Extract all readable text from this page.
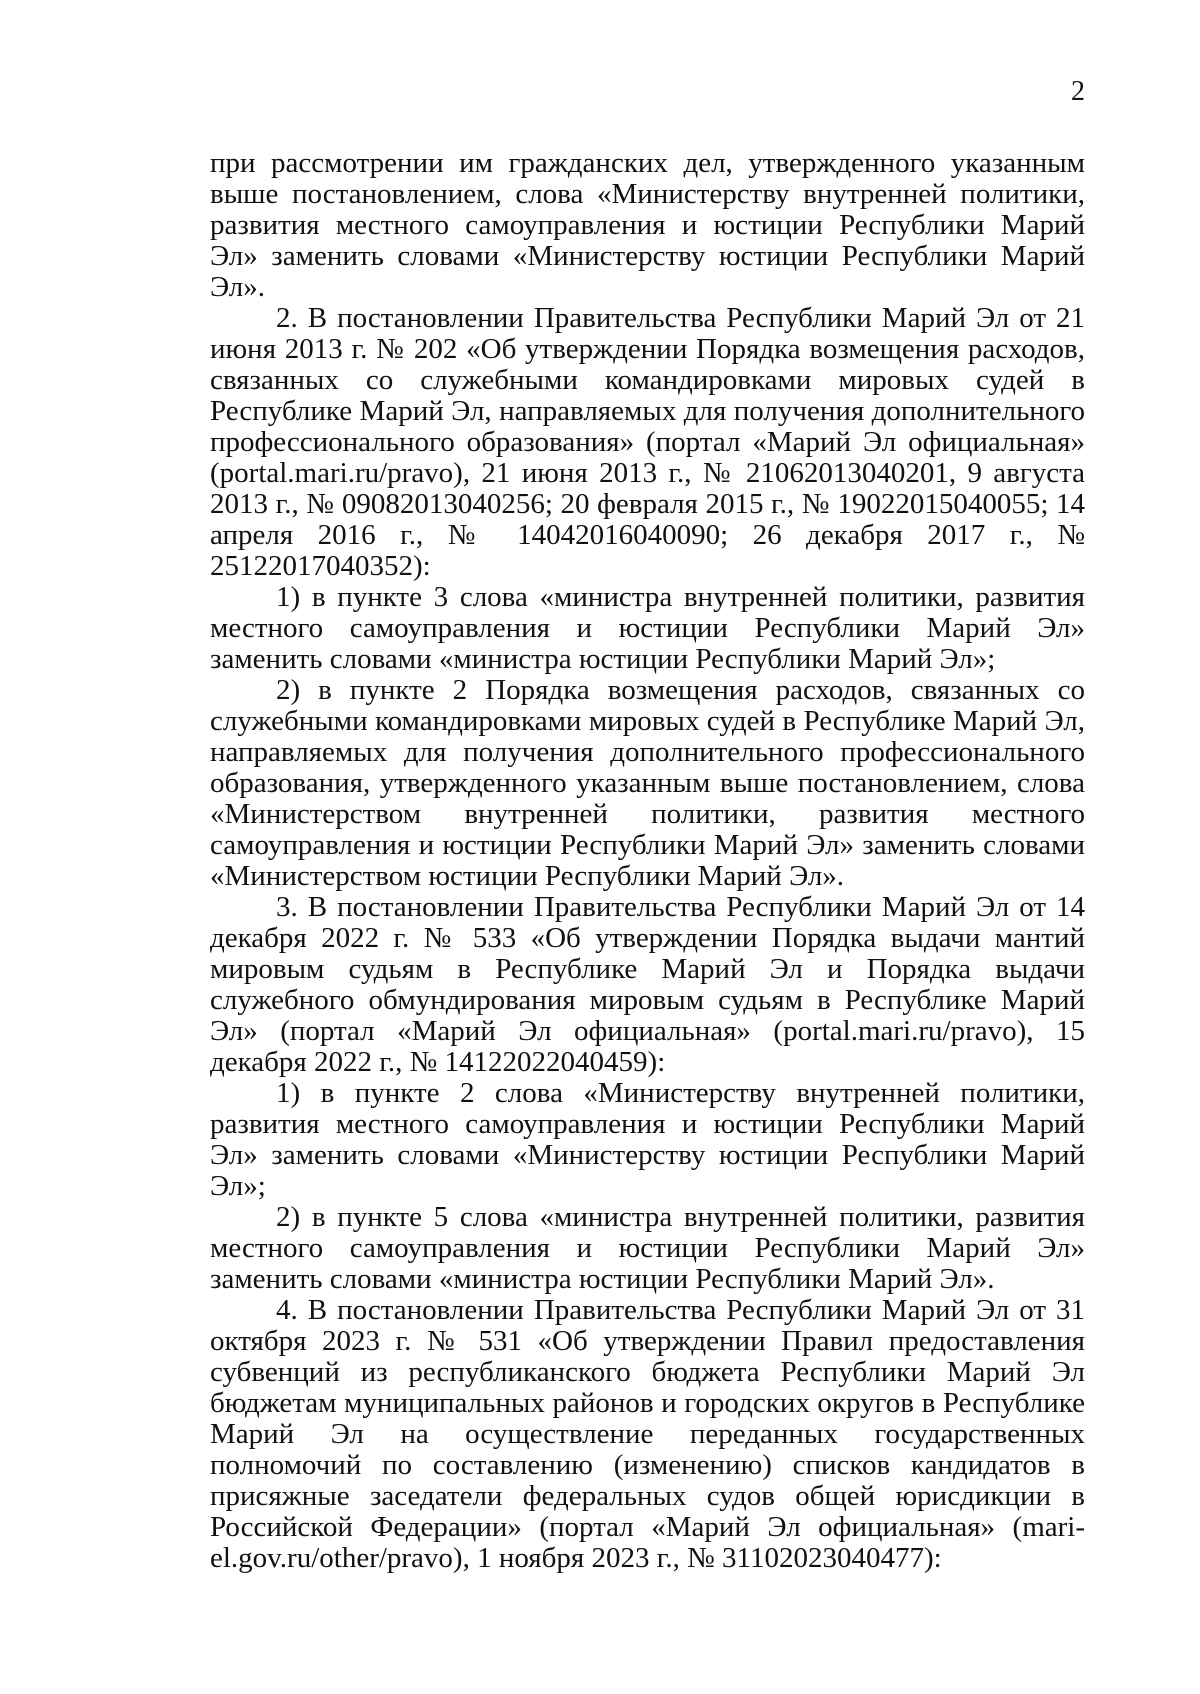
2

при рассмотрении им гражданских дел, утвержденного указанным выше постановлением, слова «Министерству внутренней политики, развития местного самоуправления и юстиции Республики Марий Эл» заменить словами «Министерству юстиции Республики Марий Эл».

2. В постановлении Правительства Республики Марий Эл от 21 июня 2013 г. № 202 «Об утверждении Порядка возмещения расходов, связанных со служебными командировками мировых судей в Республике Марий Эл, направляемых для получения дополнительного профессионального образования» (портал «Марий Эл официальная» (portal.mari.ru/pravo), 21 июня 2013 г., № 21062013040201, 9 августа 2013 г., № 09082013040256; 20 февраля 2015 г., № 19022015040055; 14 апреля 2016 г., № 14042016040090; 26 декабря 2017 г., № 25122017040352):

1) в пункте 3 слова «министра внутренней политики, развития местного самоуправления и юстиции Республики Марий Эл» заменить словами «министра юстиции Республики Марий Эл»;

2) в пункте 2 Порядка возмещения расходов, связанных со служебными командировками мировых судей в Республике Марий Эл, направляемых для получения дополнительного профессионального образования, утвержденного указанным выше постановлением, слова «Министерством внутренней политики, развития местного самоуправления и юстиции Республики Марий Эл» заменить словами «Министерством юстиции Республики Марий Эл».

3. В постановлении Правительства Республики Марий Эл от 14 декабря 2022 г. № 533 «Об утверждении Порядка выдачи мантий мировым судьям в Республике Марий Эл и Порядка выдачи служебного обмундирования мировым судьям в Республике Марий Эл» (портал «Марий Эл официальная» (portal.mari.ru/pravo), 15 декабря 2022 г., № 14122022040459):

1) в пункте 2 слова «Министерству внутренней политики, развития местного самоуправления и юстиции Республики Марий Эл» заменить словами «Министерству юстиции Республики Марий Эл»;

2) в пункте 5 слова «министра внутренней политики, развития местного самоуправления и юстиции Республики Марий Эл» заменить словами «министра юстиции Республики Марий Эл».

4. В постановлении Правительства Республики Марий Эл от 31 октября 2023 г. № 531 «Об утверждении Правил предоставления субвенций из республиканского бюджета Республики Марий Эл бюджетам муниципальных районов и городских округов в Республике Марий Эл на осуществление переданных государственных полномочий по составлению (изменению) списков кандидатов в присяжные заседатели федеральных судов общей юрисдикции в Российской Федерации» (портал «Марий Эл официальная» (mari-el.gov.ru/other/pravo), 1 ноября 2023 г., № 31102023040477):
